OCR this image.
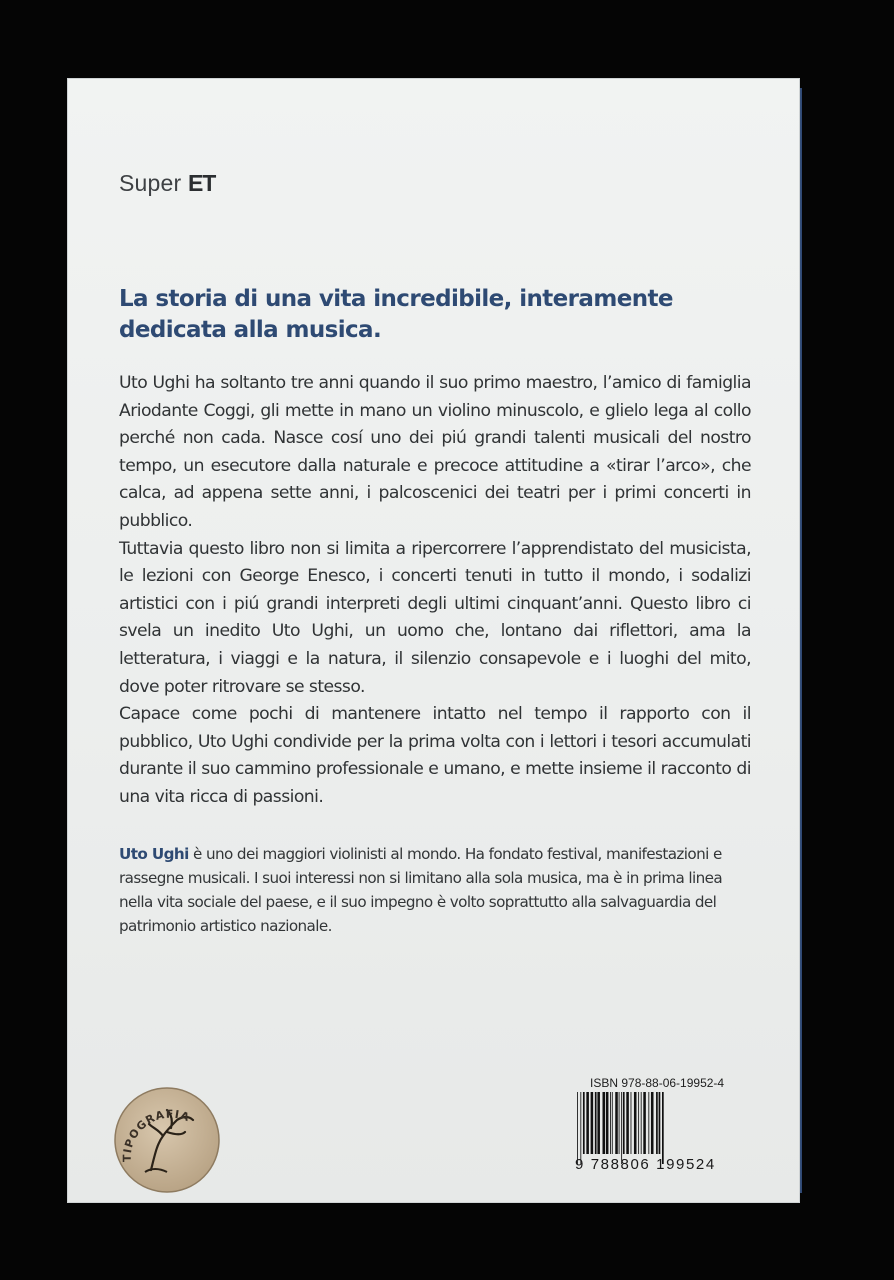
Super ET
La storia di una vita incredibile, interamente dedicata alla musica.

Uto Ughi ha soltanto tre anni quando il suo primo maestro, l’amico di famiglia Ariodante Coggi, gli mette in mano un violino minuscolo, e glielo lega al collo perché non cada. Nasce cosí uno dei piú grandi talenti musicali del nostro tempo, un esecutore dalla naturale e precoce attitudine a «tirar l’arco», che calca, ad appena sette anni, i palcoscenici dei teatri per i primi concerti in pubblico.

Tuttavia questo libro non si limita a ripercorrere l’apprendistato del musicista, le lezioni con George Enesco, i concerti tenuti in tutto il mondo, i sodalizi artistici con i piú grandi interpreti degli ultimi cinquant’anni. Questo libro ci svela un inedito Uto Ughi, un uomo che, lontano dai riflettori, ama la letteratura, i viaggi e la natura, il silenzio consapevole e i luoghi del mito, dove poter ritrovare se stesso.

Capace come pochi di mantenere intatto nel tempo il rapporto con il pubblico, Uto Ughi condivide per la prima volta con i lettori i tesori accumulati durante il suo cammino professionale e umano, e mette insieme il racconto di una vita ricca di passioni.

Uto Ughi è uno dei maggiori violinisti al mondo. Ha fondato festival, manifestazioni e rassegne musicali. I suoi interessi non si limitano alla sola musica, ma è in prima linea nella vita sociale del paese, e il suo impegno è volto soprattutto alla salvaguardia del patrimonio artistico nazionale.
TIPOGRAFIA
ISBN 978-88-06-19952-4
9 788806 199524
